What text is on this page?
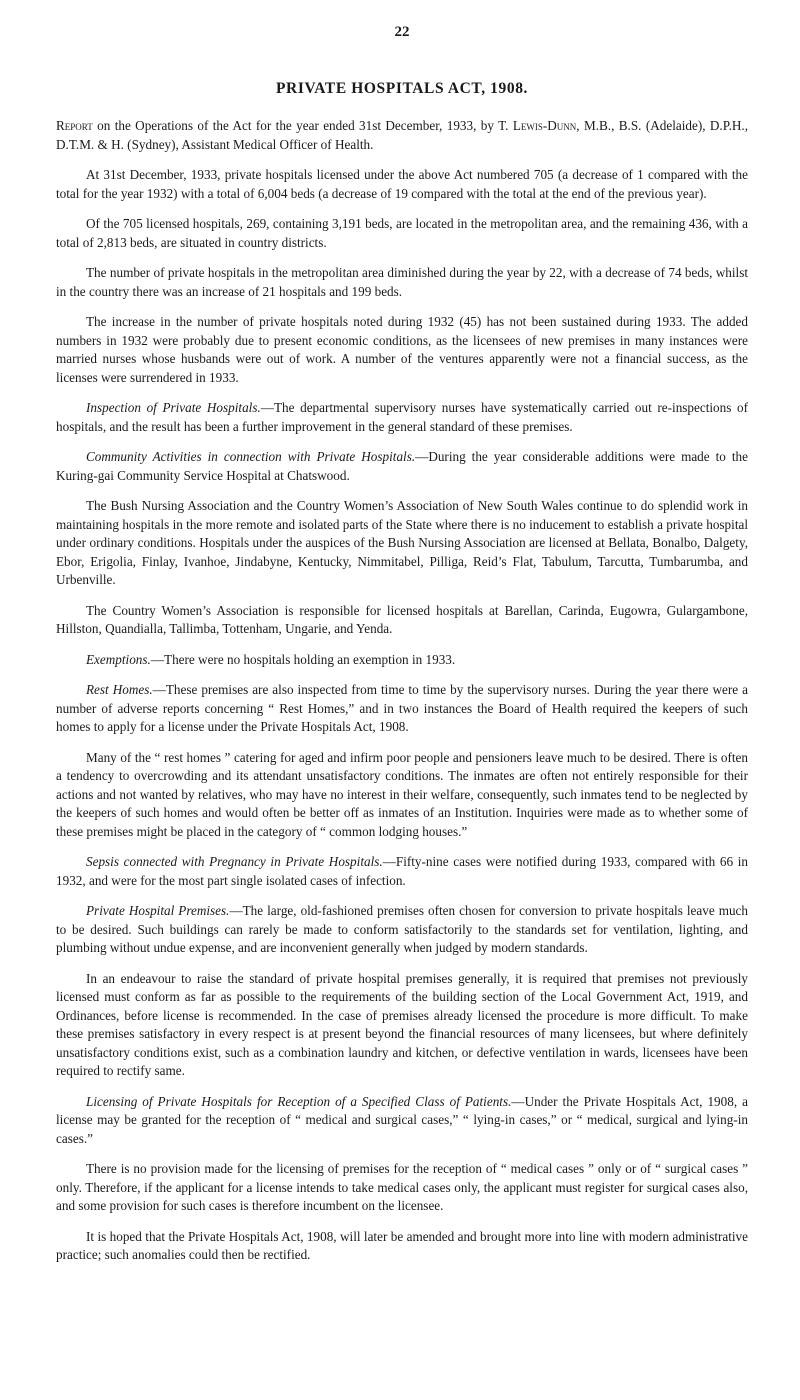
22
PRIVATE HOSPITALS ACT, 1908.

Report on the Operations of the Act for the year ended 31st December, 1933, by T. Lewis-Dunn, M.B., B.S. (Adelaide), D.P.H., D.T.M. & H. (Sydney), Assistant Medical Officer of Health.

At 31st December, 1933, private hospitals licensed under the above Act numbered 705 (a decrease of 1 compared with the total for the year 1932) with a total of 6,004 beds (a decrease of 19 compared with the total at the end of the previous year).

Of the 705 licensed hospitals, 269, containing 3,191 beds, are located in the metropolitan area, and the remaining 436, with a total of 2,813 beds, are situated in country districts.

The number of private hospitals in the metropolitan area diminished during the year by 22, with a decrease of 74 beds, whilst in the country there was an increase of 21 hospitals and 199 beds.

The increase in the number of private hospitals noted during 1932 (45) has not been sustained during 1933. The added numbers in 1932 were probably due to present economic conditions, as the licensees of new premises in many instances were married nurses whose husbands were out of work. A number of the ventures apparently were not a financial success, as the licenses were surrendered in 1933.

Inspection of Private Hospitals.—The departmental supervisory nurses have systematically carried out re-inspections of hospitals, and the result has been a further improvement in the general standard of these premises.

Community Activities in connection with Private Hospitals.—During the year considerable additions were made to the Kuring-gai Community Service Hospital at Chatswood.

The Bush Nursing Association and the Country Women’s Association of New South Wales continue to do splendid work in maintaining hospitals in the more remote and isolated parts of the State where there is no inducement to establish a private hospital under ordinary conditions. Hospitals under the auspices of the Bush Nursing Association are licensed at Bellata, Bonalbo, Dalgety, Ebor, Erigolia, Finlay, Ivanhoe, Jindabyne, Kentucky, Nimmitabel, Pilliga, Reid’s Flat, Tabulum, Tarcutta, Tumbarumba, and Urbenville.

The Country Women’s Association is responsible for licensed hospitals at Barellan, Carinda, Eugowra, Gulargambone, Hillston, Quandialla, Tallimba, Tottenham, Ungarie, and Yenda.

Exemptions.—There were no hospitals holding an exemption in 1933.

Rest Homes.—These premises are also inspected from time to time by the supervisory nurses. During the year there were a number of adverse reports concerning “ Rest Homes,” and in two instances the Board of Health required the keepers of such homes to apply for a license under the Private Hospitals Act, 1908.

Many of the “ rest homes ” catering for aged and infirm poor people and pensioners leave much to be desired. There is often a tendency to overcrowding and its attendant unsatisfactory conditions. The inmates are often not entirely responsible for their actions and not wanted by relatives, who may have no interest in their welfare, consequently, such inmates tend to be neglected by the keepers of such homes and would often be better off as inmates of an Institution. Inquiries were made as to whether some of these premises might be placed in the category of “ common lodging houses.”

Sepsis connected with Pregnancy in Private Hospitals.—Fifty-nine cases were notified during 1933, compared with 66 in 1932, and were for the most part single isolated cases of infection.

Private Hospital Premises.—The large, old-fashioned premises often chosen for conversion to private hospitals leave much to be desired. Such buildings can rarely be made to conform satisfactorily to the standards set for ventilation, lighting, and plumbing without undue expense, and are inconvenient generally when judged by modern standards.

In an endeavour to raise the standard of private hospital premises generally, it is required that premises not previously licensed must conform as far as possible to the requirements of the building section of the Local Government Act, 1919, and Ordinances, before license is recommended. In the case of premises already licensed the procedure is more difficult. To make these premises satisfactory in every respect is at present beyond the financial resources of many licensees, but where definitely unsatisfactory conditions exist, such as a combination laundry and kitchen, or defective ventilation in wards, licensees have been required to rectify same.

Licensing of Private Hospitals for Reception of a Specified Class of Patients.—Under the Private Hospitals Act, 1908, a license may be granted for the reception of “ medical and surgical cases,” “ lying-in cases,” or “ medical, surgical and lying-in cases.”

There is no provision made for the licensing of premises for the reception of “ medical cases ” only or of “ surgical cases ” only. Therefore, if the applicant for a license intends to take medical cases only, the applicant must register for surgical cases also, and some provision for such cases is therefore incumbent on the licensee.

It is hoped that the Private Hospitals Act, 1908, will later be amended and brought more into line with modern administrative practice; such anomalies could then be rectified.
